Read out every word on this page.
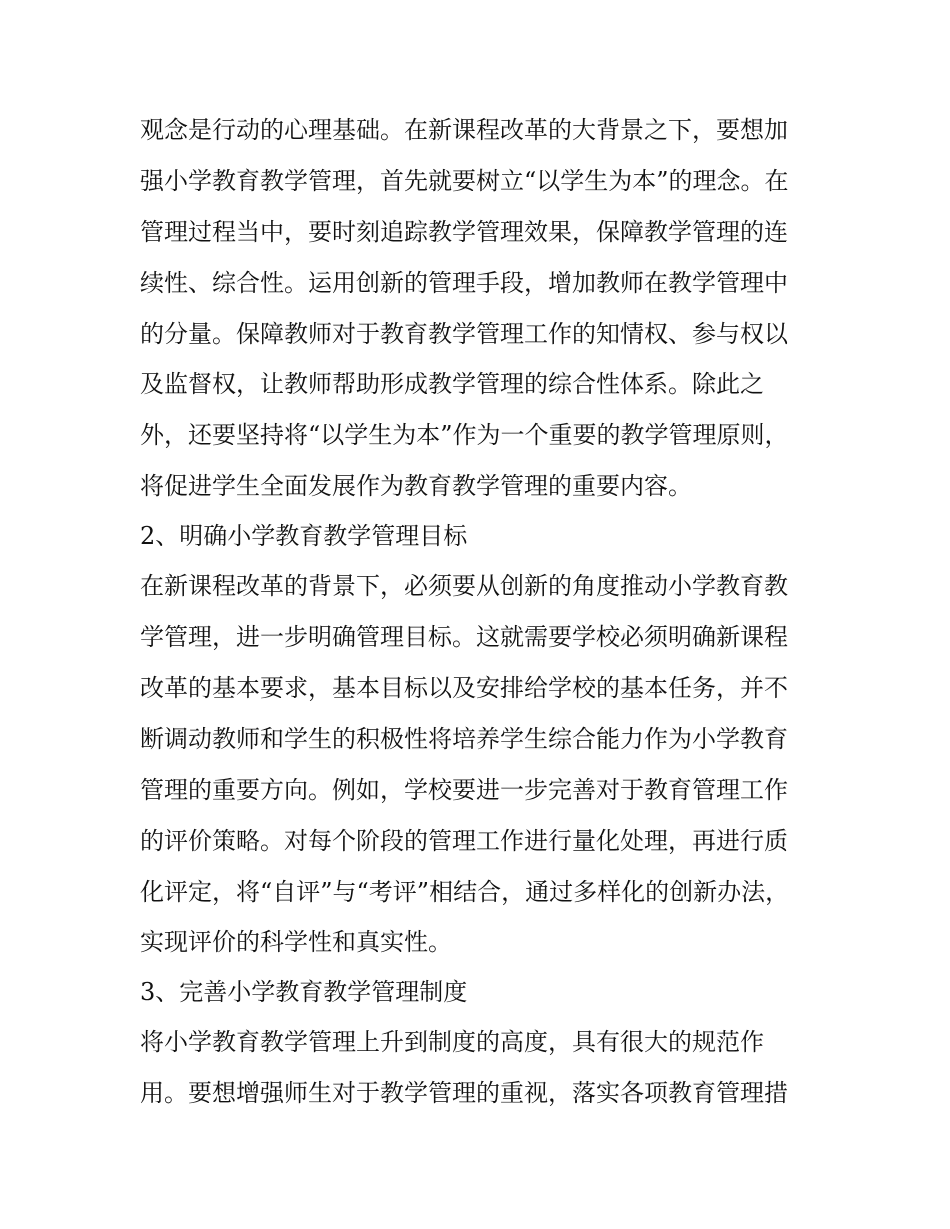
观念是行动的心理基础。在新课程改革的大背景之下，要想加
强小学教育教学管理，首先就要树立“以学生为本”的理念。在
管理过程当中，要时刻追踪教学管理效果，保障教学管理的连
续性、综合性。运用创新的管理手段，增加教师在教学管理中
的分量。保障教师对于教育教学管理工作的知情权、参与权以
及监督权，让教师帮助形成教学管理的综合性体系。除此之
外，还要坚持将“以学生为本”作为一个重要的教学管理原则，
将促进学生全面发展作为教育教学管理的重要内容。
2、明确小学教育教学管理目标
在新课程改革的背景下，必须要从创新的角度推动小学教育教
学管理，进一步明确管理目标。这就需要学校必须明确新课程
改革的基本要求，基本目标以及安排给学校的基本任务，并不
断调动教师和学生的积极性将培养学生综合能力作为小学教育
管理的重要方向。例如，学校要进一步完善对于教育管理工作
的评价策略。对每个阶段的管理工作进行量化处理，再进行质
化评定，将“自评”与“考评”相结合，通过多样化的创新办法，
实现评价的科学性和真实性。
3、完善小学教育教学管理制度
将小学教育教学管理上升到制度的高度，具有很大的规范作
用。要想增强师生对于教学管理的重视，落实各项教育管理措
